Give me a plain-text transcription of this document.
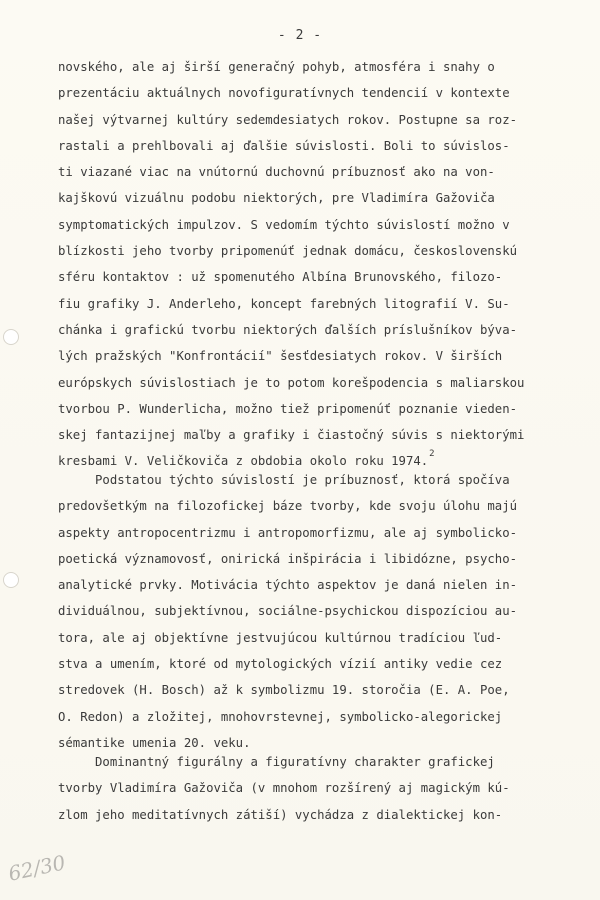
- 2 -
novského, ale aj širší generačný pohyb, atmosféra i snahy o
prezentáciu aktuálnych novofiguratívnych tendencií v kontexte
našej výtvarnej kultúry sedemdesiatych rokov. Postupne sa roz-
rastali a prehlbovali aj ďalšie súvislosti. Boli to súvislos-
ti viazané viac na vnútornú duchovnú príbuznosť ako na von-
kajškovú vizuálnu podobu niektorých, pre Vladimíra Gažoviča
symptomatických impulzov. S vedomím týchto súvislostí možno v
blízkosti jeho tvorby pripomenúť jednak domácu, československú
sféru kontaktov : už spomenutého Albína Brunovského, filozo-
fiu grafiky J. Anderleho, koncept farebných litografií V. Su-
chánka i grafickú tvorbu niektorých ďalších príslušníkov býva-
lých pražských "Konfrontácií" šesťdesiatych rokov. V širších
európskych súvislostiach je to potom korešpodencia s maliarskou
tvorbou P. Wunderlicha, možno tiež pripomenúť poznanie vieden-
skej fantazijnej maľby a grafiky i čiastočný súvis s niektorými
kresbami V. Veličkoviča z obdobia okolo roku 1974.$^2$
Podstatou týchto súvislostí je príbuznosť, ktorá spočíva
predovšetkým na filozofickej báze tvorby, kde svoju úlohu majú
aspekty antropocentrizmu i antropomorfizmu, ale aj symbolicko-
poetická významovosť, onirická inšpirácia i libidózne, psycho-
analytické prvky. Motivácia týchto aspektov je daná nielen in-
dividuálnou, subjektívnou, sociálne-psychickou dispozíciou au-
tora, ale aj objektívne jestvujúcou kultúrnou tradíciou ľud-
stva a umením, ktoré od mytologických vízií antiky vedie cez
stredovek (H. Bosch) až k symbolizmu 19. storočia (E. A. Poe,
O. Redon) a zložitej, mnohovrstevnej, symbolicko-alegorickej
sémantike umenia 20. veku.
Dominantný figurálny a figuratívny charakter grafickej
tvorby Vladimíra Gažoviča (v mnohom rozšírený aj magickým kú-
zlom jeho meditatívnych zátiší) vychádza z dialektickej kon-
62/30
